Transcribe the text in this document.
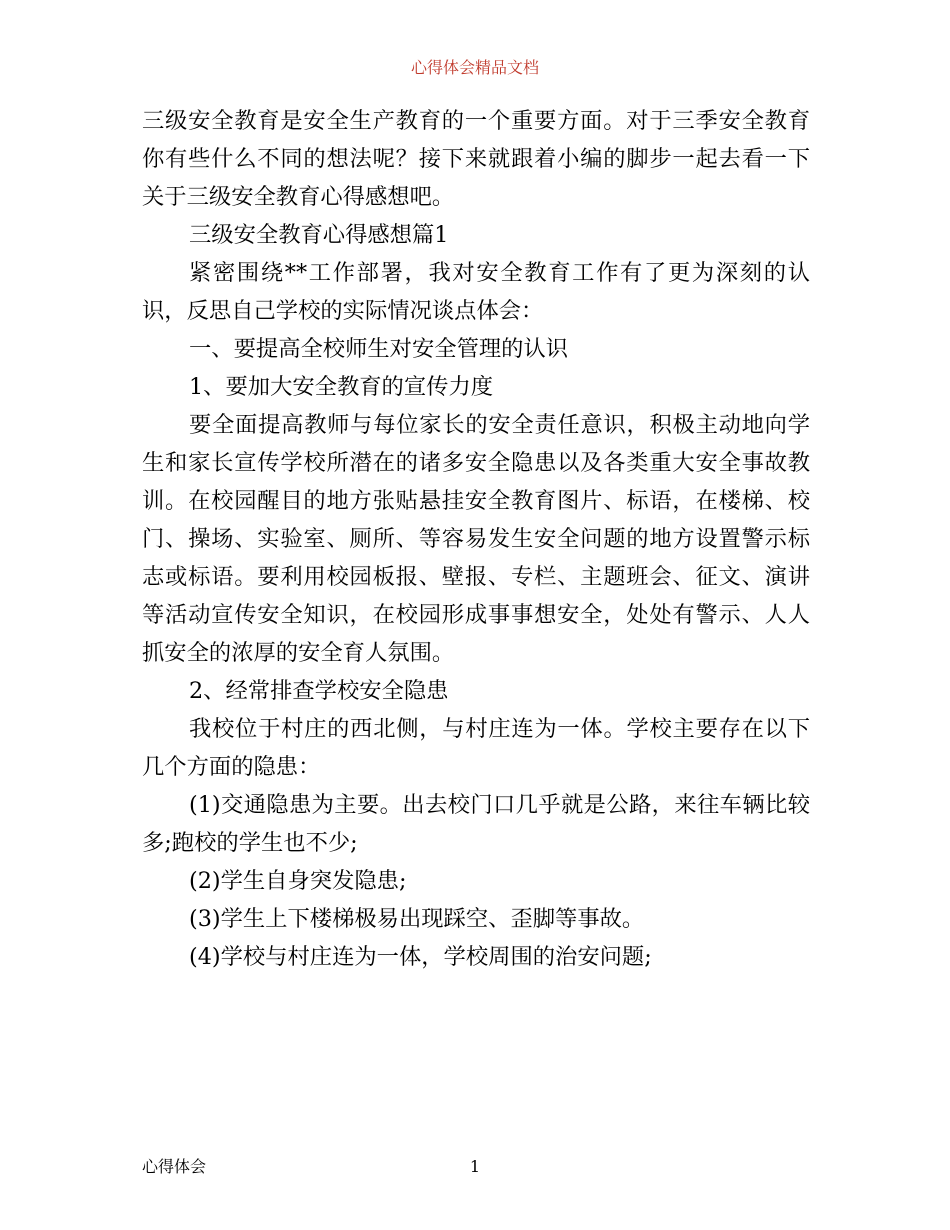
心得体会精品文档

三级安全教育是安全生产教育的一个重要方面。对于三季安全教育你有些什么不同的想法呢？接下来就跟着小编的脚步一起去看一下关于三级安全教育心得感想吧。

三级安全教育心得感想篇1

紧密围绕**工作部署，我对安全教育工作有了更为深刻的认识，反思自己学校的实际情况谈点体会：

一、要提高全校师生对安全管理的认识

1、要加大安全教育的宣传力度

要全面提高教师与每位家长的安全责任意识，积极主动地向学生和家长宣传学校所潜在的诸多安全隐患以及各类重大安全事故教训。在校园醒目的地方张贴悬挂安全教育图片、标语，在楼梯、校门、操场、实验室、厕所、等容易发生安全问题的地方设置警示标志或标语。要利用校园板报、壁报、专栏、主题班会、征文、演讲等活动宣传安全知识，在校园形成事事想安全，处处有警示、人人抓安全的浓厚的安全育人氛围。

2、经常排查学校安全隐患

我校位于村庄的西北侧，与村庄连为一体。学校主要存在以下几个方面的隐患：

(1)交通隐患为主要。出去校门口几乎就是公路，来往车辆比较多;跑校的学生也不少;

(2)学生自身突发隐患;

(3)学生上下楼梯极易出现踩空、歪脚等事故。

(4)学校与村庄连为一体，学校周围的治安问题;

心得体会	1
